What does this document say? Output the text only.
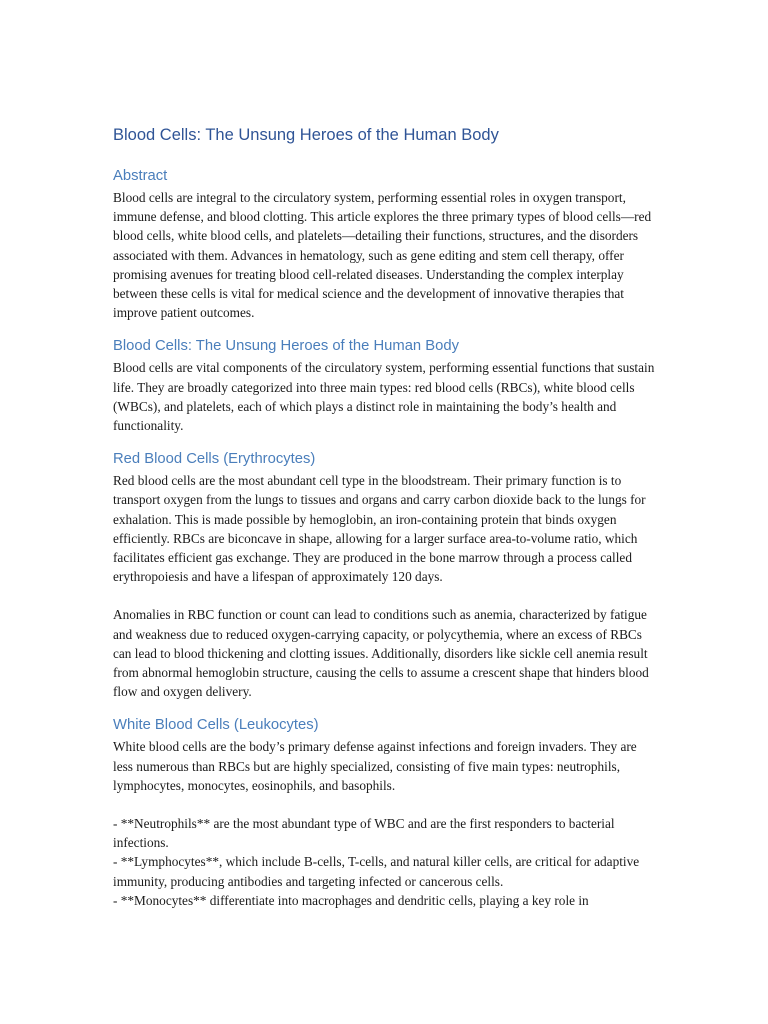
Blood Cells: The Unsung Heroes of the Human Body
Abstract

Blood cells are integral to the circulatory system, performing essential roles in oxygen transport, immune defense, and blood clotting. This article explores the three primary types of blood cells—red blood cells, white blood cells, and platelets—detailing their functions, structures, and the disorders associated with them. Advances in hematology, such as gene editing and stem cell therapy, offer promising avenues for treating blood cell-related diseases. Understanding the complex interplay between these cells is vital for medical science and the development of innovative therapies that improve patient outcomes.

Blood Cells: The Unsung Heroes of the Human Body

Blood cells are vital components of the circulatory system, performing essential functions that sustain life. They are broadly categorized into three main types: red blood cells (RBCs), white blood cells (WBCs), and platelets, each of which plays a distinct role in maintaining the body’s health and functionality.

Red Blood Cells (Erythrocytes)

Red blood cells are the most abundant cell type in the bloodstream. Their primary function is to transport oxygen from the lungs to tissues and organs and carry carbon dioxide back to the lungs for exhalation. This is made possible by hemoglobin, an iron-containing protein that binds oxygen efficiently. RBCs are biconcave in shape, allowing for a larger surface area-to-volume ratio, which facilitates efficient gas exchange. They are produced in the bone marrow through a process called erythropoiesis and have a lifespan of approximately 120 days.

Anomalies in RBC function or count can lead to conditions such as anemia, characterized by fatigue and weakness due to reduced oxygen-carrying capacity, or polycythemia, where an excess of RBCs can lead to blood thickening and clotting issues. Additionally, disorders like sickle cell anemia result from abnormal hemoglobin structure, causing the cells to assume a crescent shape that hinders blood flow and oxygen delivery.

White Blood Cells (Leukocytes)

White blood cells are the body’s primary defense against infections and foreign invaders. They are less numerous than RBCs but are highly specialized, consisting of five main types: neutrophils, lymphocytes, monocytes, eosinophils, and basophils.

- **Neutrophils** are the most abundant type of WBC and are the first responders to bacterial infections.

- **Lymphocytes**, which include B-cells, T-cells, and natural killer cells, are critical for adaptive immunity, producing antibodies and targeting infected or cancerous cells.

- **Monocytes** differentiate into macrophages and dendritic cells, playing a key role in
